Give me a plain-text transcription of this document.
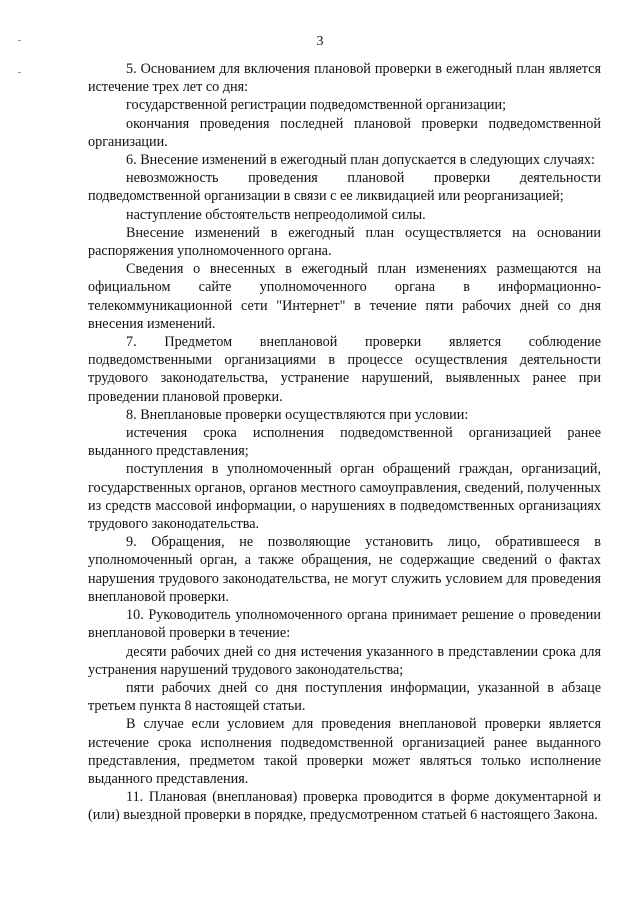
3

5. Основанием для включения плановой проверки в ежегодный план является истечение трех лет со дня:

государственной регистрации подведомственной организации;

окончания проведения последней плановой проверки подведомственной организации.

6. Внесение изменений в ежегодный план допускается в следующих случаях:

невозможность проведения плановой проверки деятельности подведомственной организации в связи с ее ликвидацией или реорганизацией;

наступление обстоятельств непреодолимой силы.

Внесение изменений в ежегодный план осуществляется на основании распоряжения уполномоченного органа.

Сведения о внесенных в ежегодный план изменениях размещаются на официальном сайте уполномоченного органа в информационно-телекоммуникационной сети "Интернет" в течение пяти рабочих дней со дня внесения изменений.

7. Предметом внеплановой проверки является соблюдение подведомственными организациями в процессе осуществления деятельности трудового законодательства, устранение нарушений, выявленных ранее при проведении плановой проверки.

8. Внеплановые проверки осуществляются при условии:

истечения срока исполнения подведомственной организацией ранее выданного представления;

поступления в уполномоченный орган обращений граждан, организаций, государственных органов, органов местного самоуправления, сведений, полученных из средств массовой информации, о нарушениях в подведомственных организациях трудового законодательства.

9. Обращения, не позволяющие установить лицо, обратившееся в уполномоченный орган, а также обращения, не содержащие сведений о фактах нарушения трудового законодательства, не могут служить условием для проведения внеплановой проверки.

10. Руководитель уполномоченного органа принимает решение о проведении внеплановой проверки в течение:

десяти рабочих дней со дня истечения указанного в представлении срока для устранения нарушений трудового законодательства;

пяти рабочих дней со дня поступления информации, указанной в абзаце третьем пункта 8 настоящей статьи.

В случае если условием для проведения внеплановой проверки является истечение срока исполнения подведомственной организацией ранее выданного представления, предметом такой проверки может являться только исполнение выданного представления.

11. Плановая (внеплановая) проверка проводится в форме документарной и (или) выездной проверки в порядке, предусмотренном статьей 6 настоящего Закона.
